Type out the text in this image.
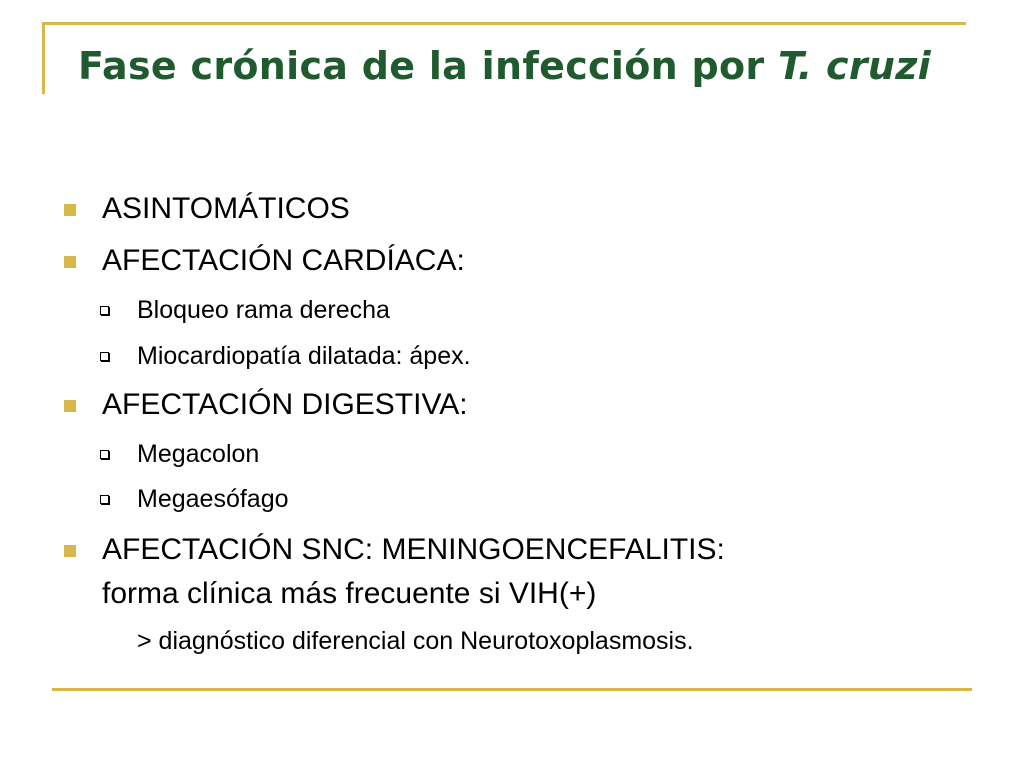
Fase crónica de la infección por T. cruzi
ASINTOMÁTICOS
AFECTACIÓN CARDÍACA:
Bloqueo rama derecha
Miocardiopatía dilatada: ápex.
AFECTACIÓN DIGESTIVA:
Megacolon
Megaesófago
AFECTACIÓN SNC: MENINGOENCEFALITIS:
forma clínica más frecuente si VIH(+)
> diagnóstico diferencial con Neurotoxoplasmosis.
